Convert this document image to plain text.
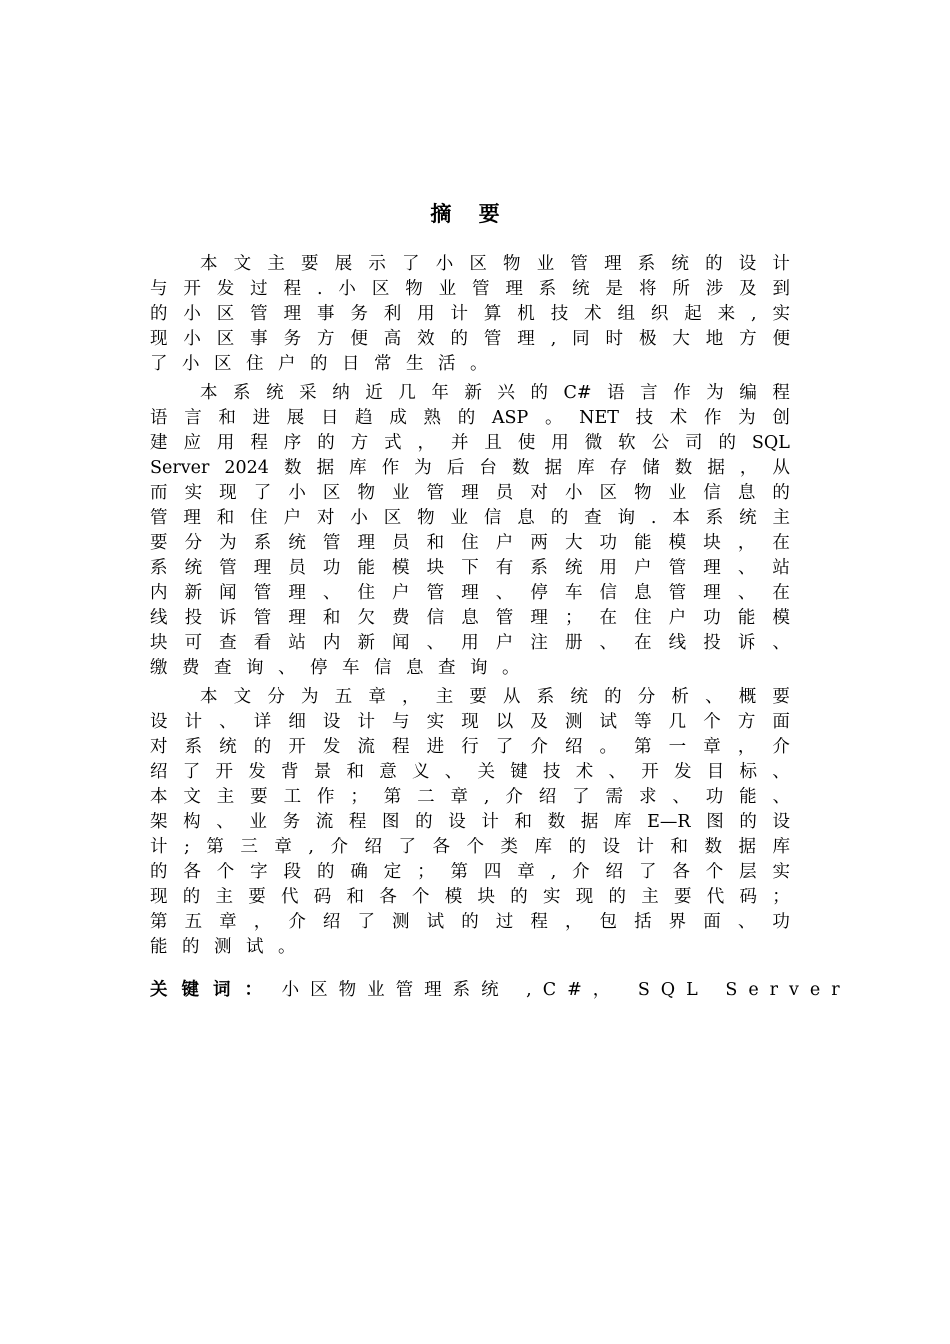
摘 要
本 文 主 要 展 示 了 小 区 物 业 管 理 系 统 的 设 计
与 开 发 过 程 . 小 区 物 业 管 理 系 统 是 将 所 涉 及 到
的 小 区 管 理 事 务 利 用 计 算 机 技 术 组 织 起 来 , 实
现 小 区 事 务 方 便 高 效 的 管 理 , 同 时 极 大 地 方 便
了 小 区 住 户 的 日 常 生 活 。
本 系 统 采 纳 近 几 年 新 兴 的 C# 语 言 作 为 编 程
语 言 和 进 展 日 趋 成 熟 的 ASP 。 NET 技 术 作 为 创
建 应 用 程 序 的 方 式 ， 并 且 使 用 微 软 公 司 的 SQL
Server 2024 数 据 库 作 为 后 台 数 据 库 存 储 数 据 ， 从
而 实 现 了 小 区 物 业 管 理 员 对 小 区 物 业 信 息 的
管 理 和 住 户 对 小 区 物 业 信 息 的 查 询 . 本 系 统 主
要 分 为 系 统 管 理 员 和 住 户 两 大 功 能 模 块 ， 在
系 统 管 理 员 功 能 模 块 下 有 系 统 用 户 管 理 、 站
内 新 闻 管 理 、 住 户 管 理 、 停 车 信 息 管 理 、 在
线 投 诉 管 理 和 欠 费 信 息 管 理 ； 在 住 户 功 能 模
块 可 查 看 站 内 新 闻 、 用 户 注 册 、 在 线 投 诉 、
缴 费 查 询 、 停 车 信 息 查 询 。
本 文 分 为 五 章 ， 主 要 从 系 统 的 分 析 、 概 要
设 计 、 详 细 设 计 与 实 现 以 及 测 试 等 几 个 方 面
对 系 统 的 开 发 流 程 进 行 了 介 绍 。 第 一 章 ， 介
绍 了 开 发 背 景 和 意 义 、 关 键 技 术 、 开 发 目 标 、
本 文 主 要 工 作 ； 第 二 章 , 介 绍 了 需 求 、 功 能 、
架 构 、 业 务 流 程 图 的 设 计 和 数 据 库 E—R 图 的 设
计 ; 第 三 章 , 介 绍 了 各 个 类 库 的 设 计 和 数 据 库
的 各 个 字 段 的 确 定 ； 第 四 章 , 介 绍 了 各 个 层 实
现 的 主 要 代 码 和 各 个 模 块 的 实 现 的 主 要 代 码 ；
第 五 章 ， 介 绍 了 测 试 的 过 程 ， 包 括 界 面 、 功
能 的 测 试 。
关键词： 小区物业管理系统 ,C#， SQL Server
